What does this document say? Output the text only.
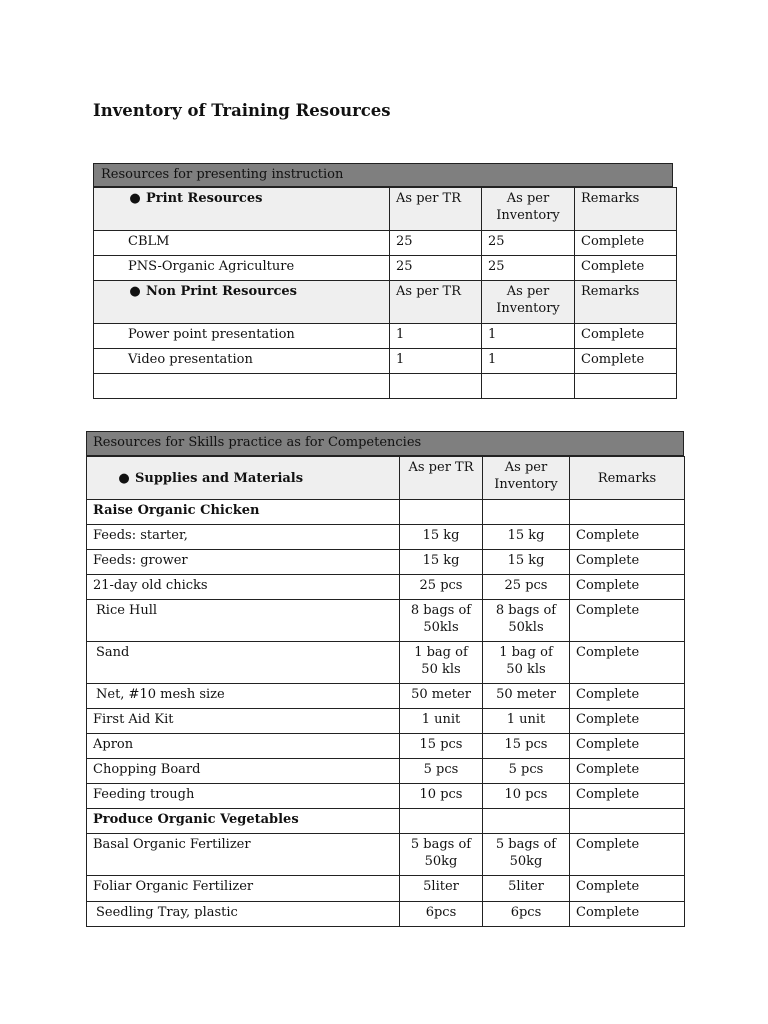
Inventory of Training Resources
Resources for presenting instruction
● Print Resources	As per TR	As per Inventory	Remarks
CBLM	25	25	Complete
PNS-Organic Agriculture	25	25	Complete
● Non Print Resources	As per TR	As per Inventory	Remarks
Power point presentation	1	1	Complete
Video presentation	1	1	Complete

Resources for Skills practice as for Competencies
● Supplies and Materials	As per TR	As per Inventory	Remarks
Raise Organic Chicken			
Feeds: starter,	15 kg	15 kg	Complete
Feeds: grower	15 kg	15 kg	Complete
21-day old chicks	25 pcs	25 pcs	Complete
Rice Hull	8 bags of 50kls	8 bags of 50kls	Complete
Sand	1 bag of 50 kls	1 bag of 50 kls	Complete
Net, #10 mesh size	50 meter	50 meter	Complete
First Aid Kit	1 unit	1 unit	Complete
Apron	15 pcs	15 pcs	Complete
Chopping Board	5 pcs	5 pcs	Complete
Feeding trough	10 pcs	10 pcs	Complete
Produce Organic Vegetables			
Basal Organic Fertilizer	5 bags of 50kg	5 bags of 50kg	Complete
Foliar Organic Fertilizer	5liter	5liter	Complete
Seedling Tray, plastic	6pcs	6pcs	Complete
